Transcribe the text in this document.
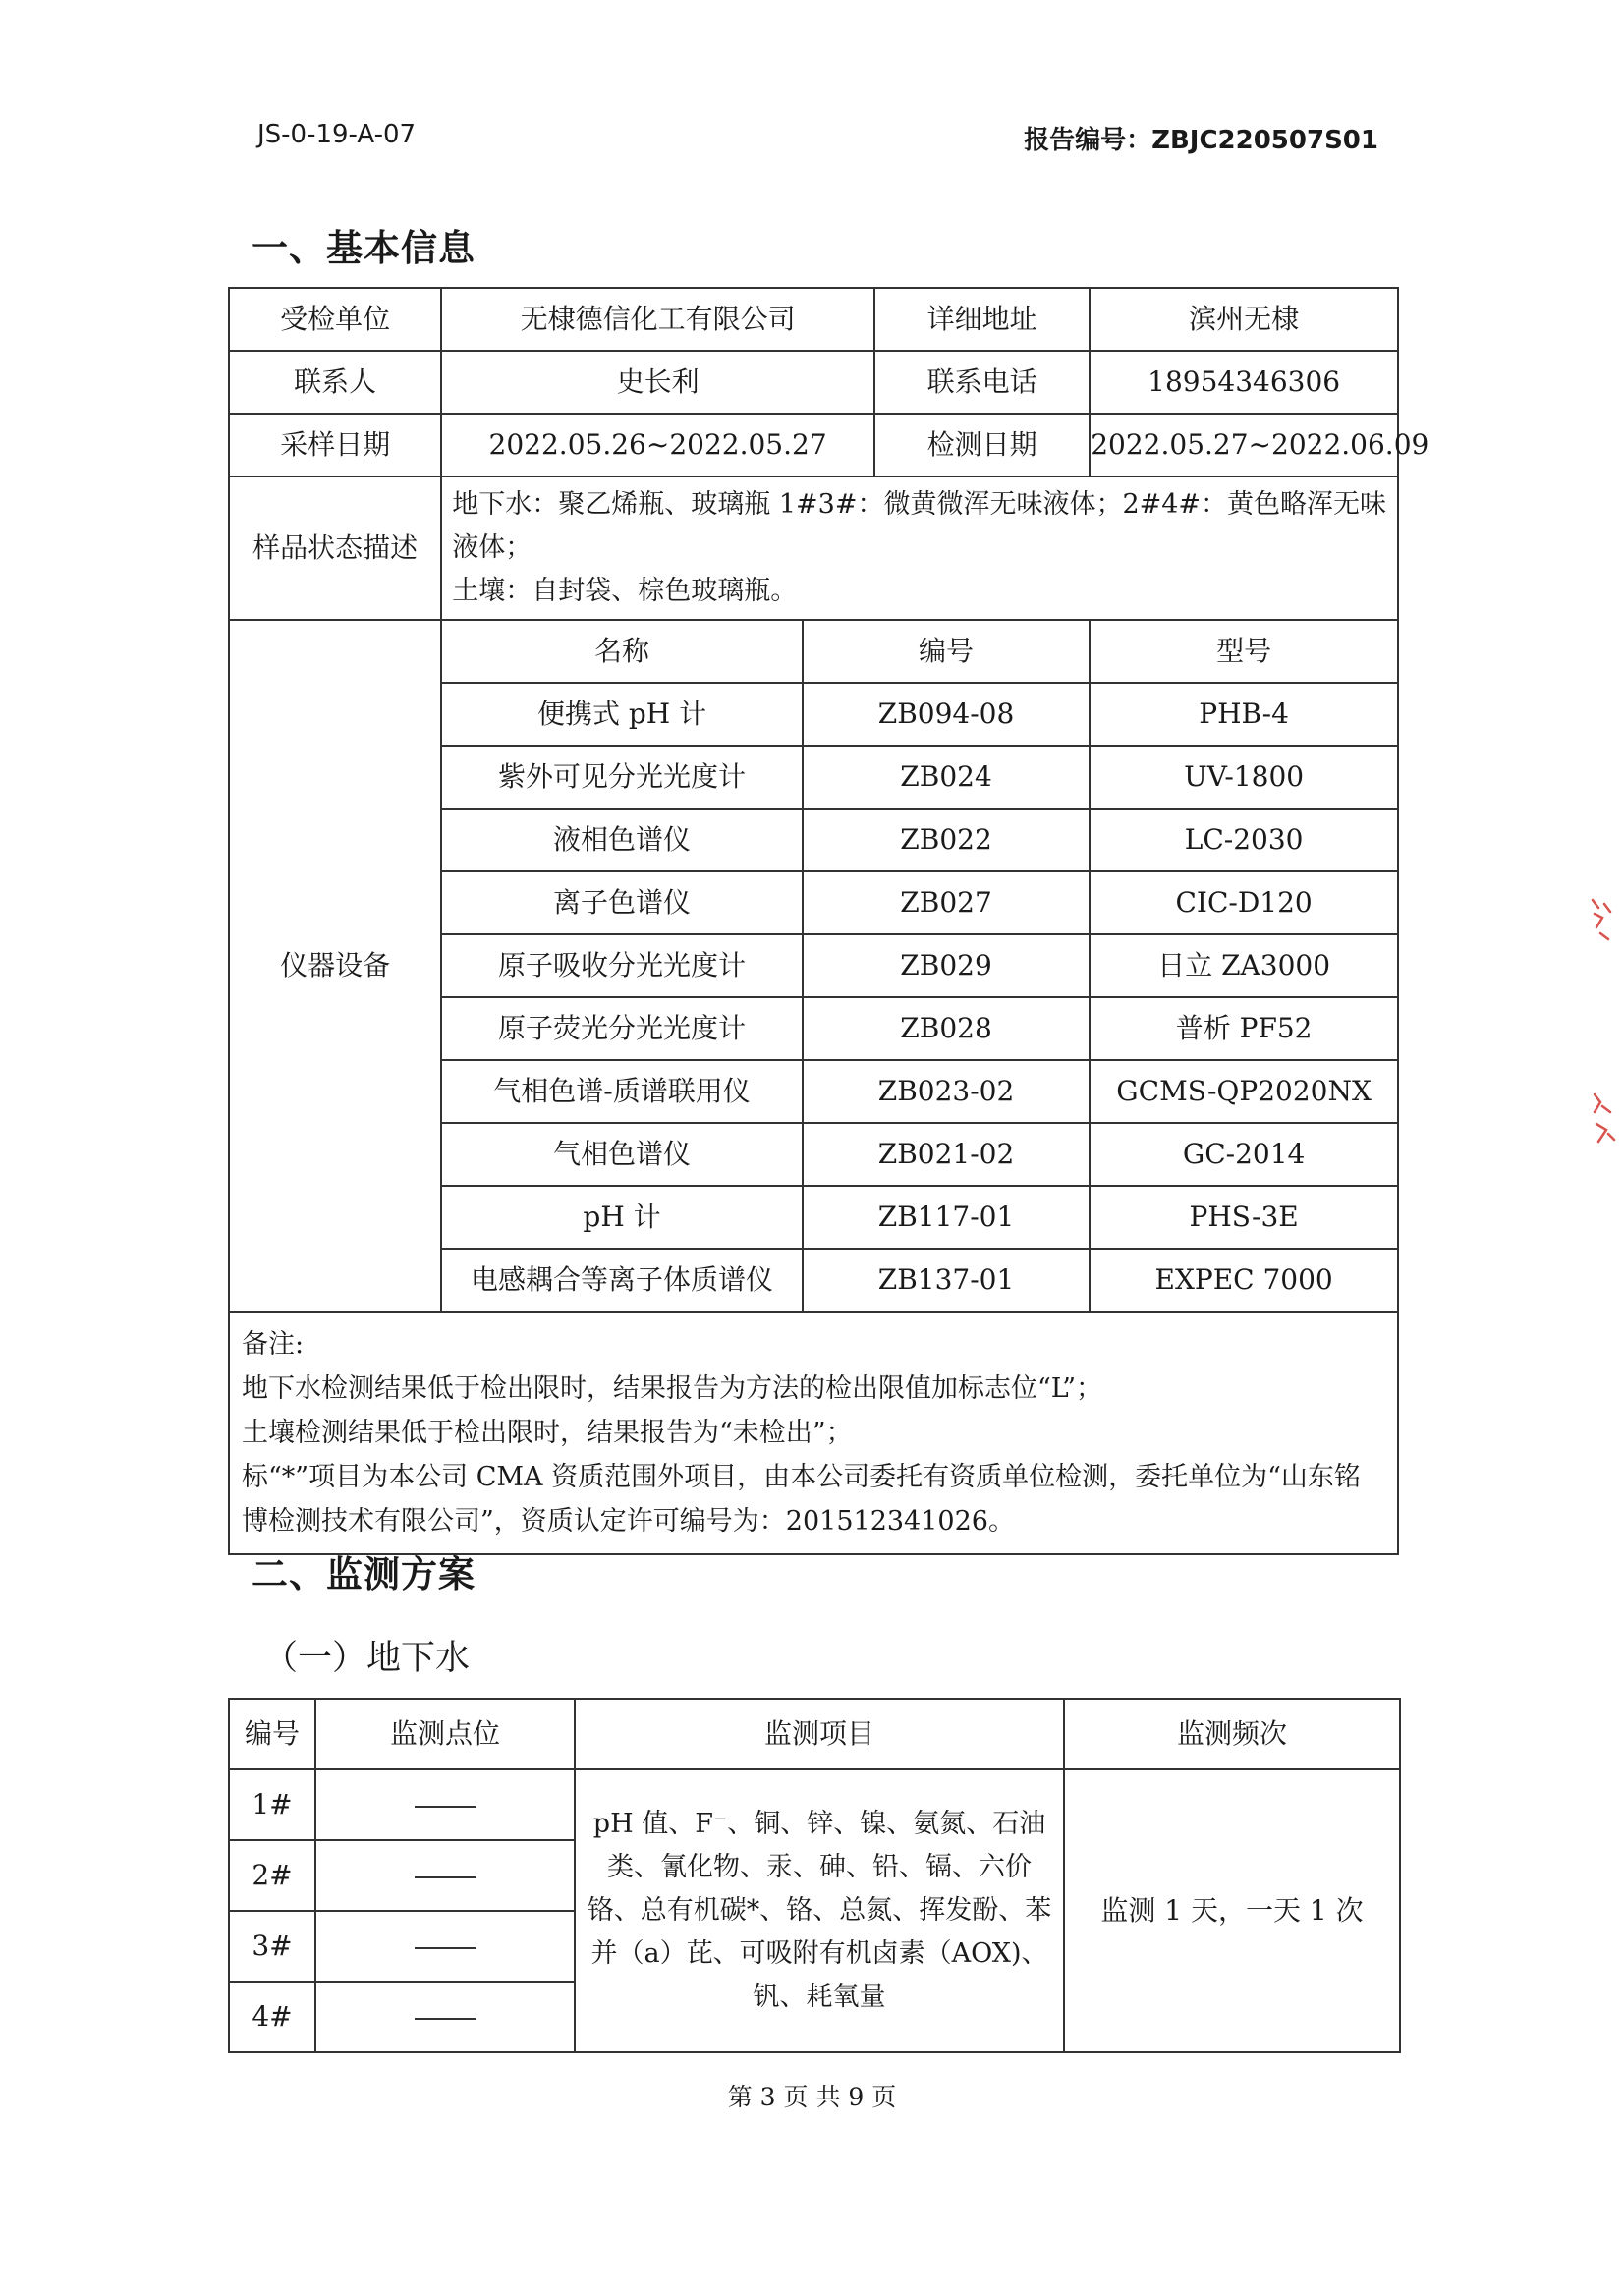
JS-0-19-A-07	报告编号：ZBJC220507S01
一、基本信息
受检单位	无棣德信化工有限公司		详细地址	滨州无棣
联系人	史长利		联系电话	18954346306
采样日期	2022.05.26~2022.05.27		检测日期	2022.05.27~2022.06.09
样品状态描述	地下水：聚乙烯瓶、玻璃瓶 1#3#：微黄微浑无味液体；2#4#：黄色略浑无味液体；
土壤：自封袋、棕色玻璃瓶。			

仪器设备	名称	编号		型号
	便携式 pH 计	ZB094-08		PHB-4
	紫外可见分光光度计	ZB024		UV-1800
	液相色谱仪	ZB022		LC-2030
	离子色谱仪	ZB027		CIC-D120
	原子吸收分光光度计	ZB029		日立 ZA3000
	原子荧光分光光度计	ZB028		普析 PF52
	气相色谱-质谱联用仪	ZB023-02		GCMS-QP2020NX
	气相色谱仪	ZB021-02		GC-2014
	pH 计	ZB117-01		PHS-3E
	电感耦合等离子体质谱仪	ZB137-01		EXPEC 7000

备注:
地下水检测结果低于检出限时，结果报告为方法的检出限值加标志位“L”；
土壤检测结果低于检出限时，结果报告为“未检出”；
标“*”项目为本公司 CMA 资质范围外项目，由本公司委托有资质单位检测，委托单位为“山东铭博检测技术有限公司”，资质认定许可编号为：201512341026。				
二、监测方案
（一）地下水
编号	监测点位	监测项目	监测频次
1#		pH 值、F⁻、铜、锌、镍、氨氮、石油类、氰化物、汞、砷、铅、镉、六价铬、总有机碳*、铬、总氮、挥发酚、苯并（a）芘、可吸附有机卤素（AOX)、钒、耗氧量	监测 1 天，一天 1 次
2#			
3#			
4#			
第 3 页 共 9 页
